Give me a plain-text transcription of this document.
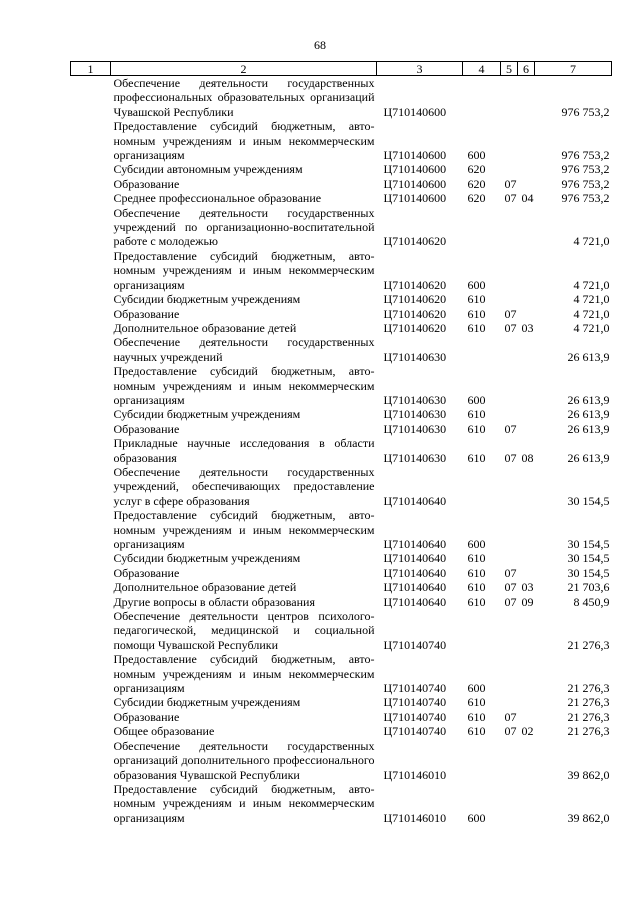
68
1	2	3	4	5	6	7
	Обеспечение деятельности государственных профессиональных образовательных организаций Чувашской Республики	Ц710140600				976 753,2
	Предоставление субсидий бюджетным, автономным учреждениям и иным некоммерческим организациям	Ц710140600	600			976 753,2
	Субсидии автономным учреждениям	Ц710140600	620			976 753,2
	Образование	Ц710140600	620	07		976 753,2
	Среднее профессиональное образование	Ц710140600	620	07	04	976 753,2
	Обеспечение деятельности государственных учреждений по организационно-воспитательной работе с молодежью	Ц710140620				4 721,0
	Предоставление субсидий бюджетным, автономным учреждениям и иным некоммерческим организациям	Ц710140620	600			4 721,0
	Субсидии бюджетным учреждениям	Ц710140620	610			4 721,0
	Образование	Ц710140620	610	07		4 721,0
	Дополнительное образование детей	Ц710140620	610	07	03	4 721,0
	Обеспечение деятельности государственных научных учреждений	Ц710140630				26 613,9
	Предоставление субсидий бюджетным, автономным учреждениям и иным некоммерческим организациям	Ц710140630	600			26 613,9
	Субсидии бюджетным учреждениям	Ц710140630	610			26 613,9
	Образование	Ц710140630	610	07		26 613,9
	Прикладные научные исследования в области образования	Ц710140630	610	07	08	26 613,9
	Обеспечение деятельности государственных учреждений, обеспечивающих предоставление услуг в сфере образования	Ц710140640				30 154,5
	Предоставление субсидий бюджетным, автономным учреждениям и иным некоммерческим организациям	Ц710140640	600			30 154,5
	Субсидии бюджетным учреждениям	Ц710140640	610			30 154,5
	Образование	Ц710140640	610	07		30 154,5
	Дополнительное образование детей	Ц710140640	610	07	03	21 703,6
	Другие вопросы в области образования	Ц710140640	610	07	09	8 450,9
	Обеспечение деятельности центров психолого-педагогической, медицинской и социальной помощи Чувашской Республики	Ц710140740				21 276,3
	Предоставление субсидий бюджетным, автономным учреждениям и иным некоммерческим организациям	Ц710140740	600			21 276,3
	Субсидии бюджетным учреждениям	Ц710140740	610			21 276,3
	Образование	Ц710140740	610	07		21 276,3
	Общее образование	Ц710140740	610	07	02	21 276,3
	Обеспечение деятельности государственных организаций дополнительного профессионального образования Чувашской Республики	Ц710146010				39 862,0
	Предоставление субсидий бюджетным, автономным учреждениям и иным некоммерческим организациям	Ц710146010	600			39 862,0
